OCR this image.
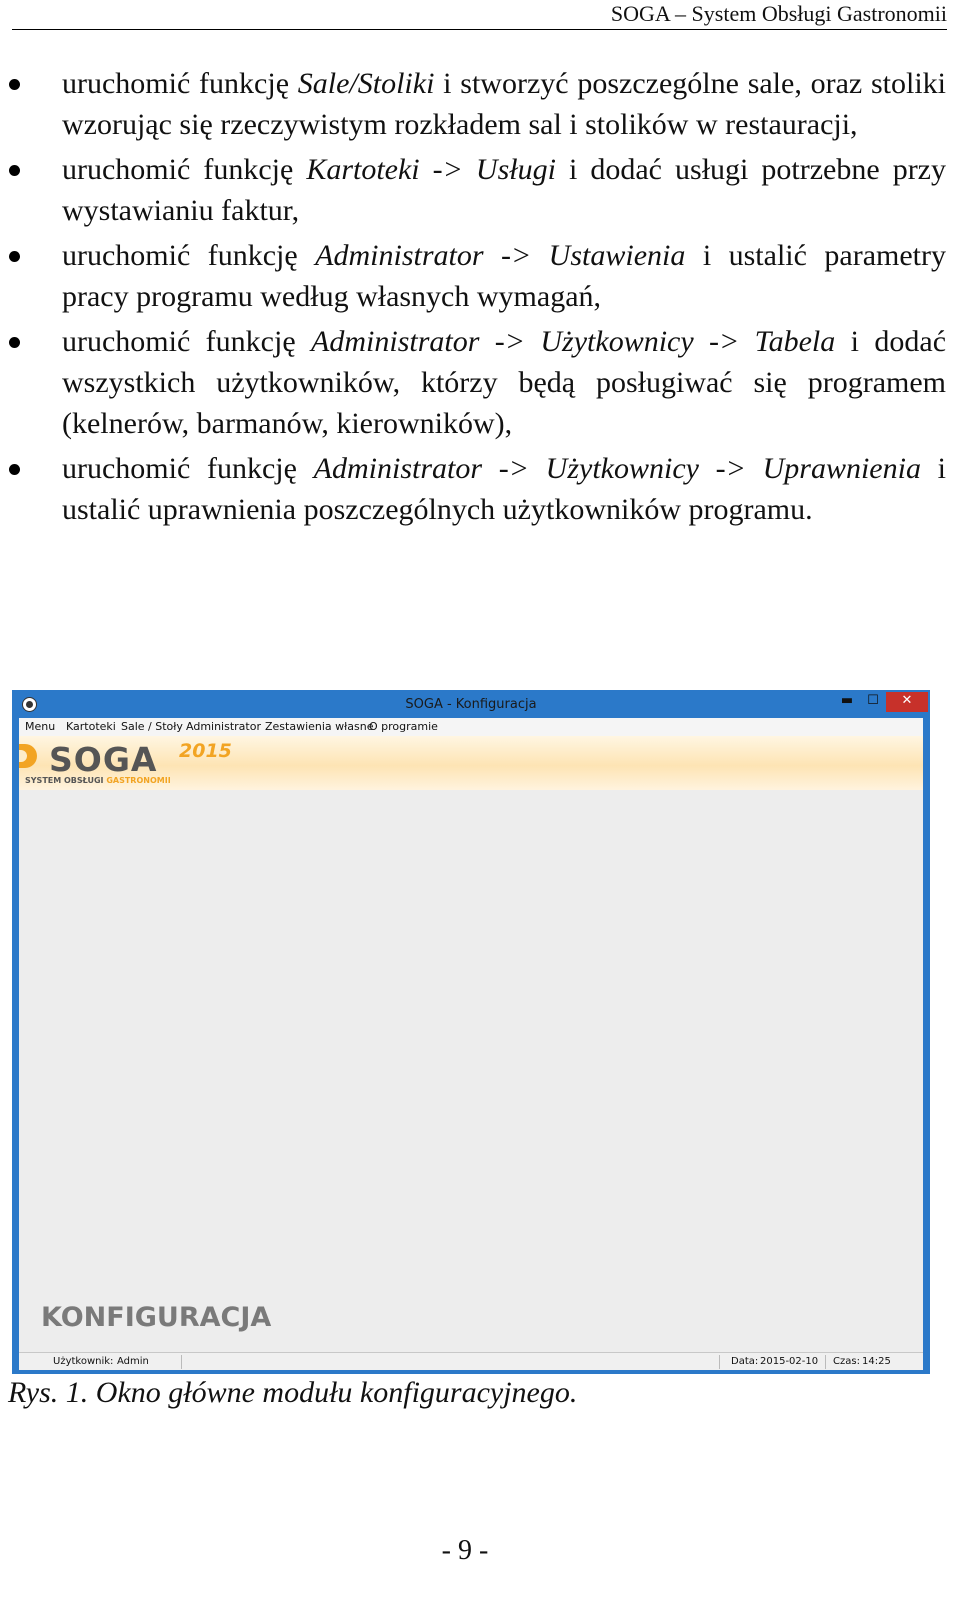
SOGA – System Obsługi Gastronomii
uruchomić funkcję Sale/Stoliki i stworzyć poszczególne sale, oraz stoliki wzorując się rzeczywistym rozkładem sal i stolików w restauracji,
uruchomić funkcję Kartoteki -> Usługi i dodać usługi potrzebne przy wystawianiu faktur,
uruchomić funkcję Administrator -> Ustawienia i ustalić parametry pracy programu według własnych wymagań,
uruchomić funkcję Administrator -> Użytkownicy -> Tabela i dodać wszystkich użytkowników, którzy będą posługiwać się programem (kelnerów, barmanów, kierowników),
uruchomić funkcję Administrator -> Użytkownicy -> Uprawnienia i ustalić uprawnienia poszczególnych użytkowników programu.
SOGA - Konfiguracja	▬	☐	✕
Menu Kartoteki Sale / Stoły Administrator Zestawienia własne
O programie
SOGA 2015
SYSTEM OBSŁUGI GASTRONOMII
KONFIGURACJA
Użytkownik: Admin	Data: 2015-02-10 Czas: 14:25
Rys. 1. Okno główne modułu konfiguracyjnego.
- 9 -
